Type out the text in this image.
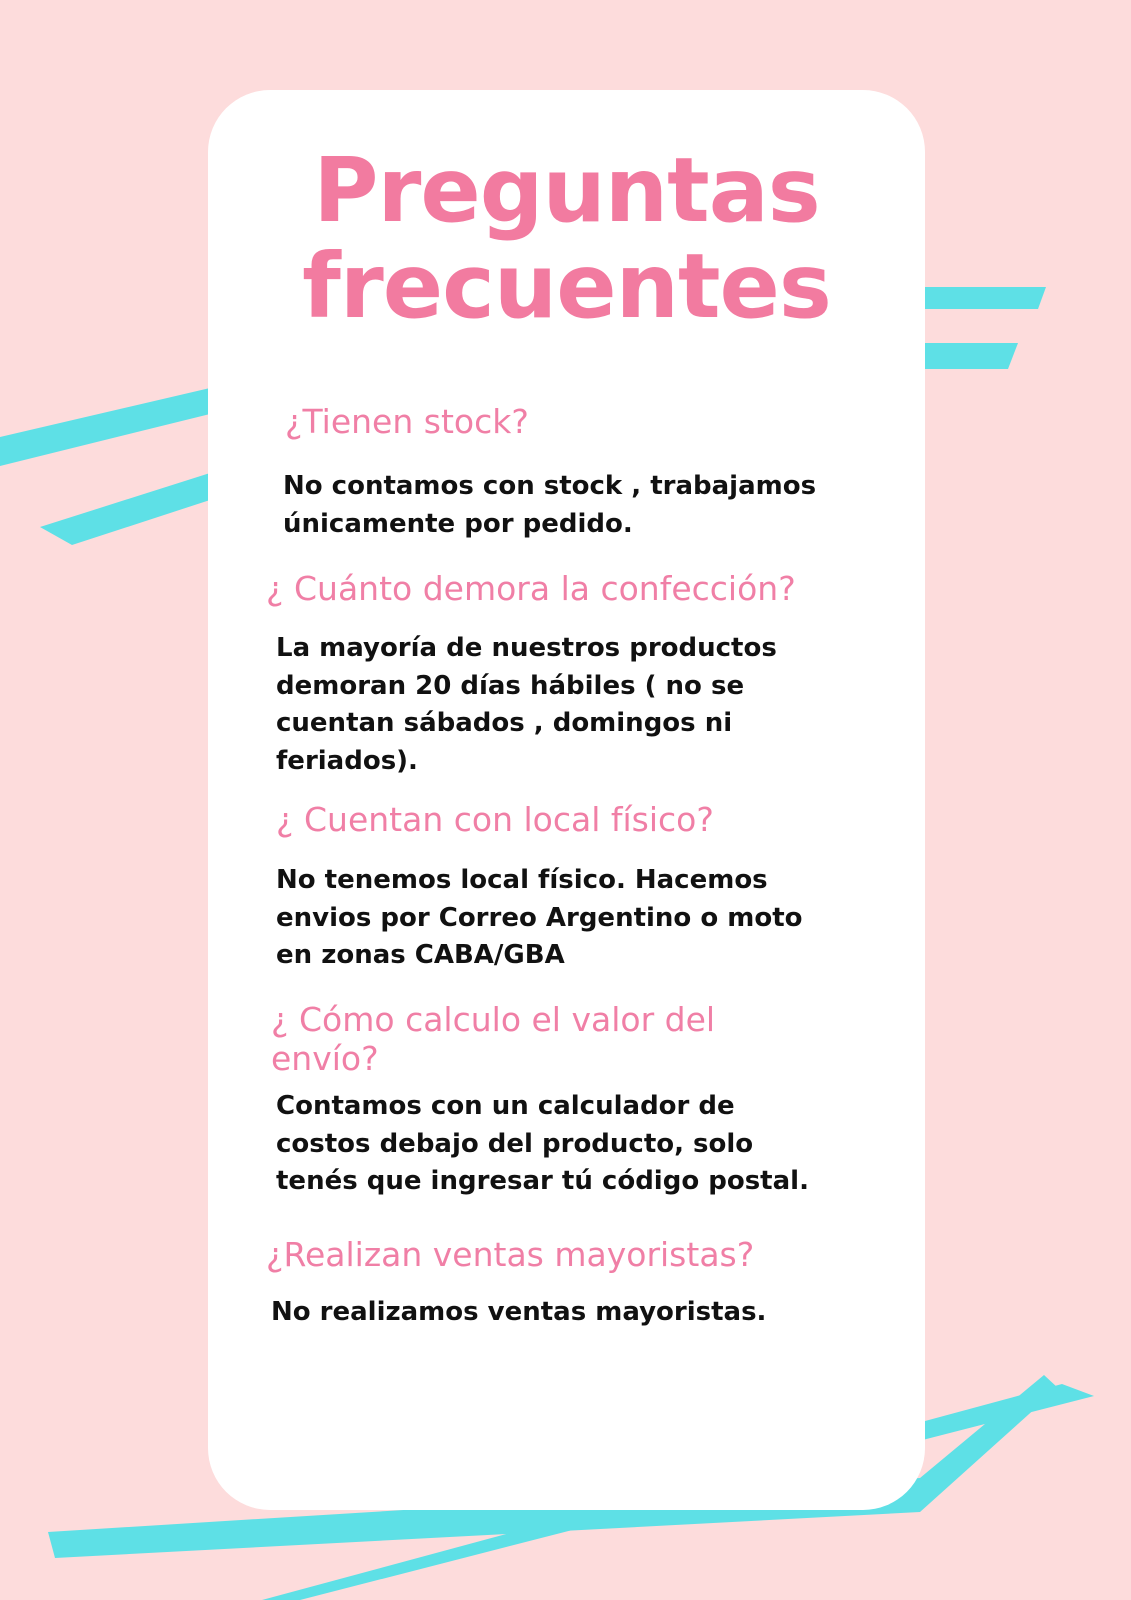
Preguntas
frecuentes
¿Tienen stock?

No contamos con stock , trabajamos
únicamente por pedido.

¿ Cuánto demora la confección?

La mayoría de nuestros productos
demoran 20 días hábiles ( no se
cuentan sábados , domingos ni
feriados).

¿ Cuentan con local físico?

No tenemos local físico. Hacemos
envios por Correo Argentino o moto
en zonas CABA/GBA

¿ Cómo calculo el valor del
envío?

Contamos con un calculador de
costos debajo del producto, solo
tenés que ingresar tú código postal.

¿Realizan ventas mayoristas?

No realizamos ventas mayoristas.
